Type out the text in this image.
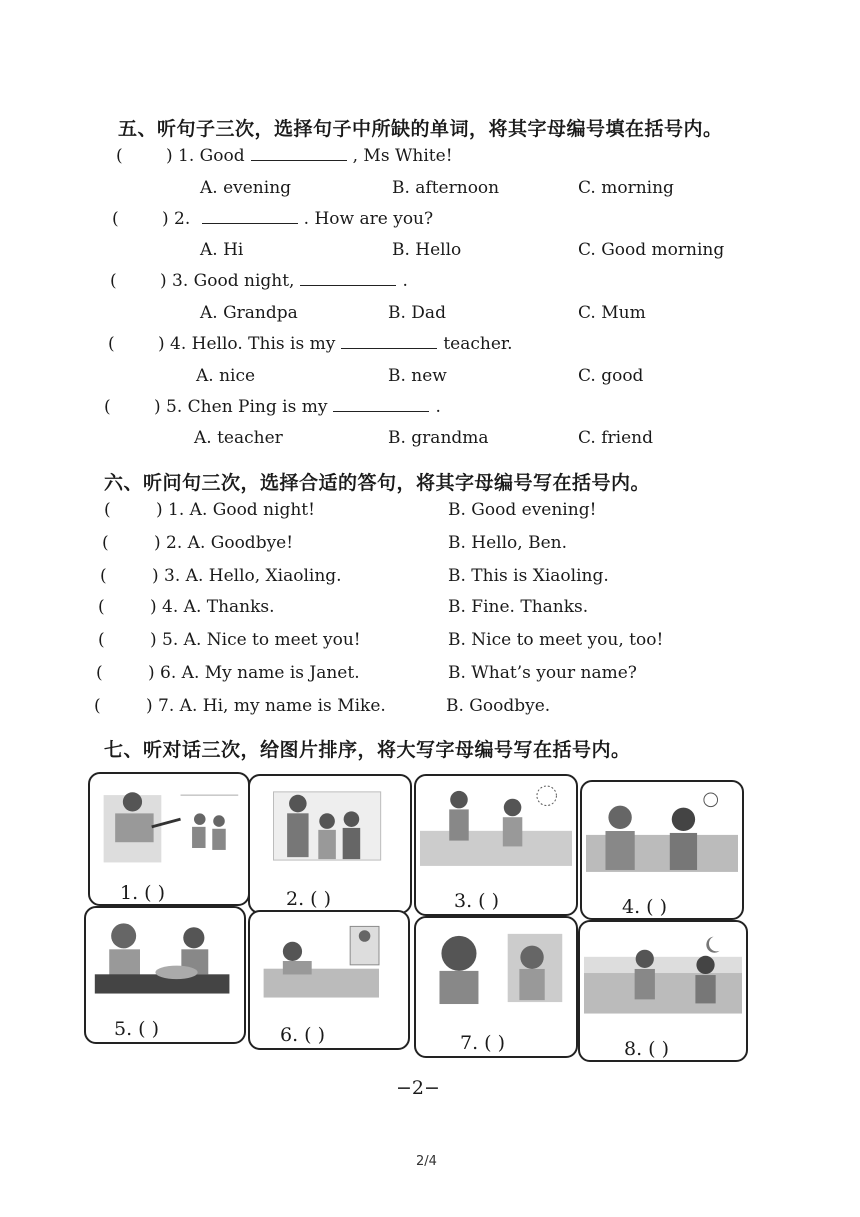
五、听句子三次，选择句子中所缺的单词，将其字母编号填在括号内。
(	) 1. Good	, Ms White!
A. evening	B. afternoon	C. morning
(	) 2.	. How are you?
A. Hi	B. Hello	C. Good morning
(	) 3. Good night,	.
A. Grandpa	B. Dad	C. Mum
(	) 4. Hello. This is my	teacher.
A. nice	B. new	C. good
(	) 5. Chen Ping is my	.
A. teacher	B. grandma	C. friend
六、听问句三次，选择合适的答句，将其字母编号写在括号内。
(	) 1. A. Good night!	B. Good evening!
(	) 2. A. Goodbye!	B. Hello, Ben.
(	) 3. A. Hello, Xiaoling.	B. This is Xiaoling.
(	) 4. A. Thanks.	B. Fine. Thanks.
(	) 5. A. Nice to meet you!	B. Nice to meet you, too!
(	) 6. A. My name is Janet.	B. What’s your name?
(	) 7. A. Hi, my name is Mike.	B. Goodbye.
七、听对话三次，给图片排序，将大写字母编号写在括号内。
1. ( )	2. ( )	3. ( )	4. ( )
5. ( )	6. ( )	7. ( )	8. ( )
−2−
2/4
